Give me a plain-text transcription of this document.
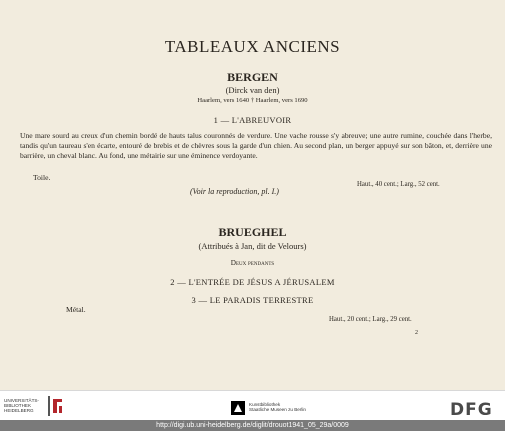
TABLEAUX ANCIENS
BERGEN
(Dirck van den)
Haarlem, vers 1640 † Haarlem, vers 1690
1 — L'ABREUVOIR
Une mare sourd au creux d'un chemin bordé de hauts talus couronnés de verdure. Une vache rousse s'y abreuve; une autre rumine, couchée dans l'herbe, tandis qu'un taureau s'en écarte, entouré de brebis et de chèvres sous la garde d'un chien. Au second plan, un berger appuyé sur son bâton, et, derrière une barrière, un cheval blanc. Au fond, une métairie sur une éminence verdoyante.
Toile.
Haut., 40 cent.; Larg., 52 cent.
(Voir la reproduction, pl. I.)
BRUEGHEL
(Attribués à Jan, dit de Velours)
Deux pendants
2 — L'ENTRÉE DE JÉSUS A JÉRUSALEM
3 — LE PARADIS TERRESTRE
Métal.
Haut., 20 cent.; Larg., 29 cent.
2
UNIVERSITÄTS-
BIBLIOTHEK
HEIDELBERG
Kunstbibliothek
Staatliche Museen zu Berlin	DFG
http://digi.ub.uni-heidelberg.de/diglit/drouot1941_05_29a/0009
